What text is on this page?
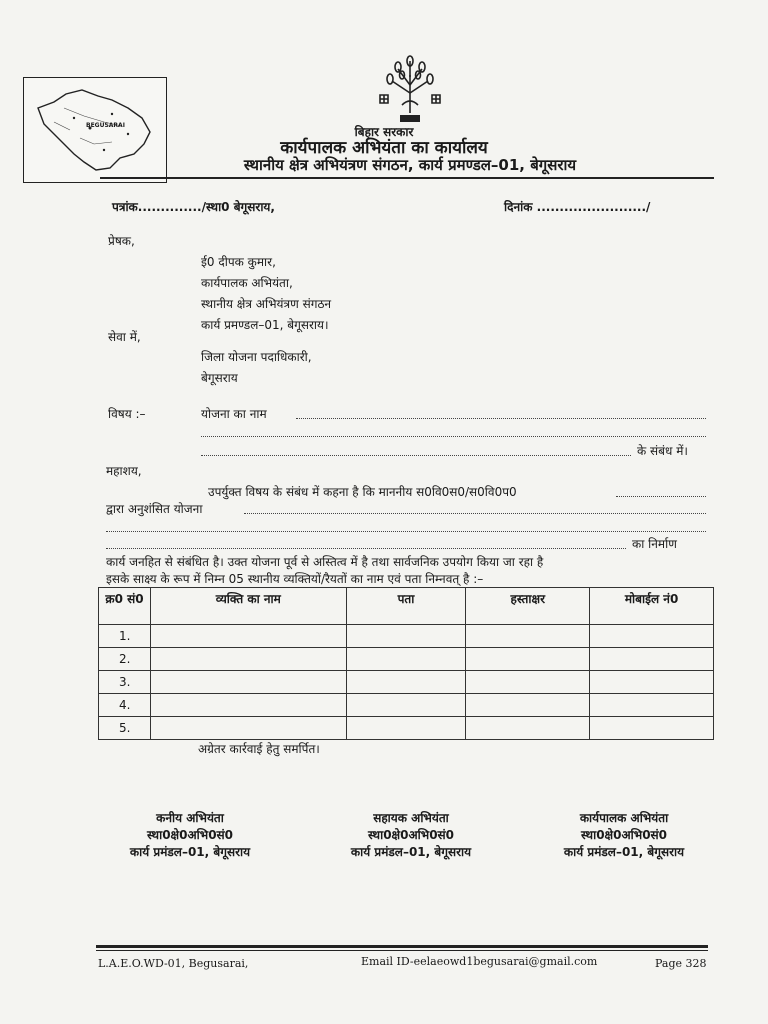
BEGUSARAI	बिहार सरकार
कार्यपालक अभियंता का कार्यालय
स्थानीय क्षेत्र अभियंत्रण संगठन, कार्य प्रमण्डल–01, बेगूसराय
पत्रांक............../स्था0 बेगूसराय,	दिनांक ......................../
प्रेषक,
ई0 दीपक कुमार,
कार्यपालक अभियंता,
स्थानीय क्षेत्र अभियंत्रण संगठन
कार्य प्रमण्डल–01, बेगूसराय।
सेवा में,
जिला योजना पदाधिकारी,
बेगूसराय
विषय :–	योजना का नाम
के संबंध में।
महाशय,
उपर्युक्त विषय के संबंध में कहना है कि माननीय स0वि0स0/स0वि0प0
द्वारा अनुशंसित योजना
का निर्माण
कार्य जनहित से संबंधित है। उक्त योजना पूर्व से अस्तित्व में है तथा सार्वजनिक उपयोग किया जा रहा है
इसके साक्ष्य के रूप में निम्न 05 स्थानीय व्यक्तियों/रैयतों का नाम एवं पता निम्नवत् है :–
क्र0 सं0	व्यक्ति का नाम	पता	हस्ताक्षर	मोबाईल नं0
1.				
2.				
3.				
4.				
5.				
अग्रेतर कार्रवाई हेतु समर्पित।
कनीय अभियंता
स्था0क्षे0अभि0सं0
कार्य प्रमंडल–01, बेगूसराय
सहायक अभियंता
स्था0क्षे0अभि0सं0
कार्य प्रमंडल–01, बेगूसराय
कार्यपालक अभियंता
स्था0क्षे0अभि0सं0
कार्य प्रमंडल–01, बेगूसराय
L.A.E.O.WD-01, Begusarai,	Email ID-eelaeowd1begusarai@gmail.com	Page 328
